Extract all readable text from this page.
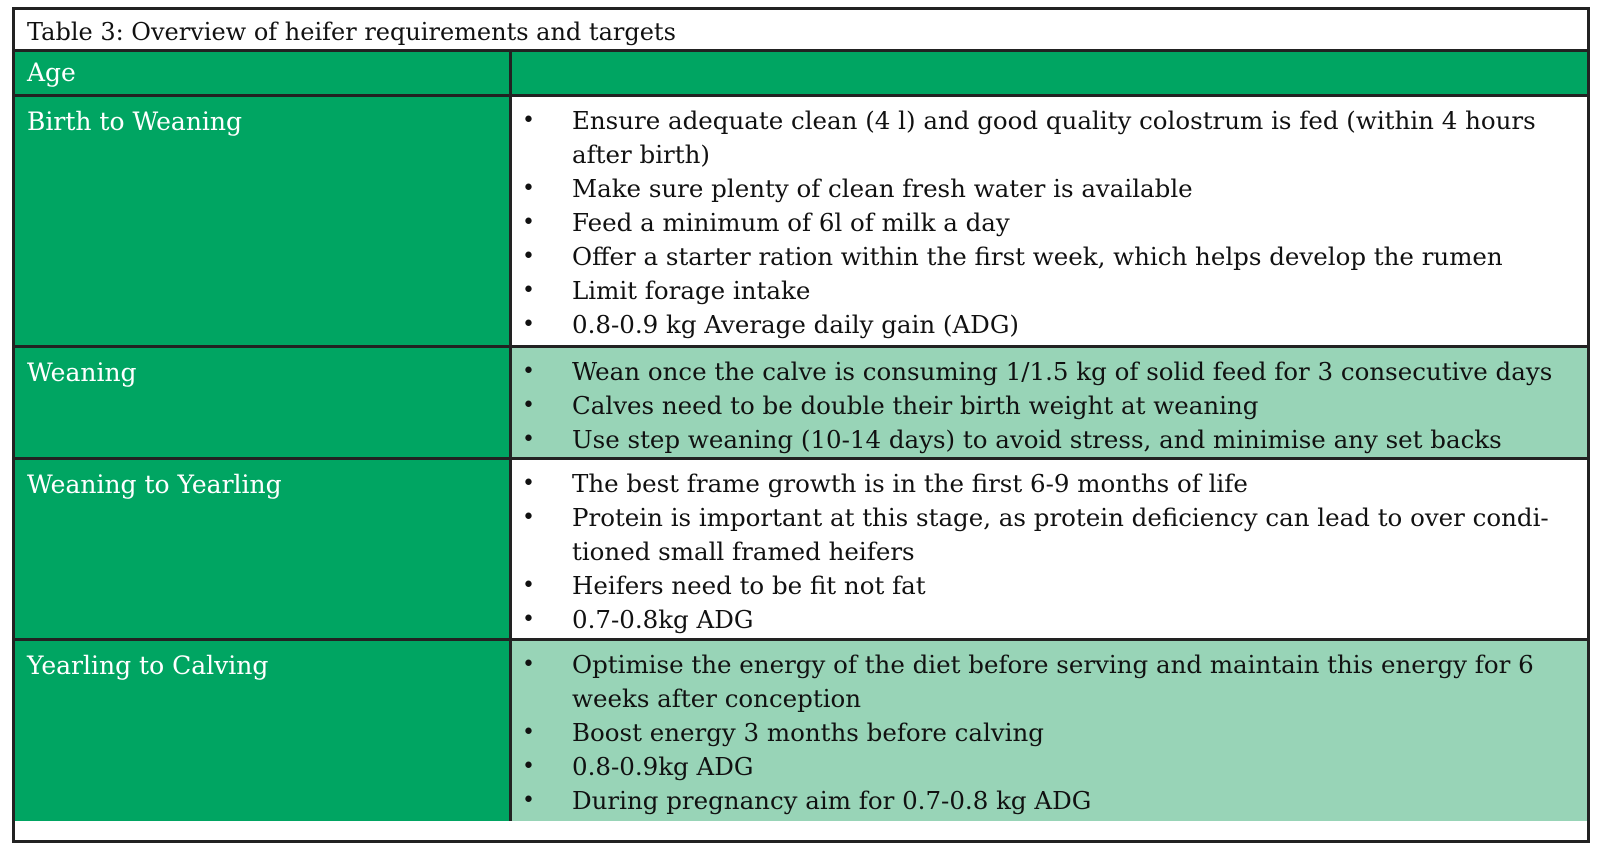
Table 3: Overview of heifer requirements and targets
Age
Birth to Weaning	• Ensure adequate clean (4 l) and good quality colostrum is fed (within 4 hours after birth)
• Make sure plenty of clean fresh water is available
• Feed a minimum of 6l of milk a day
• Offer a starter ration within the first week, which helps develop the rumen
• Limit forage intake
• 0.8-0.9 kg Average daily gain (ADG)
Weaning	• Wean once the calve is consuming 1/1.5 kg of solid feed for 3 consecutive days
• Calves need to be double their birth weight at weaning
• Use step weaning (10-14 days) to avoid stress, and minimise any set backs
Weaning to Yearling	• The best frame growth is in the first 6-9 months of life
• Protein is important at this stage, as protein deficiency can lead to over condi-tioned small framed heifers
• Heifers need to be fit not fat
• 0.7-0.8kg ADG
Yearling to Calving	• Optimise the energy of the diet before serving and maintain this energy for 6 weeks after conception
• Boost energy 3 months before calving
• 0.8-0.9kg ADG
• During pregnancy aim for 0.7-0.8 kg ADG
